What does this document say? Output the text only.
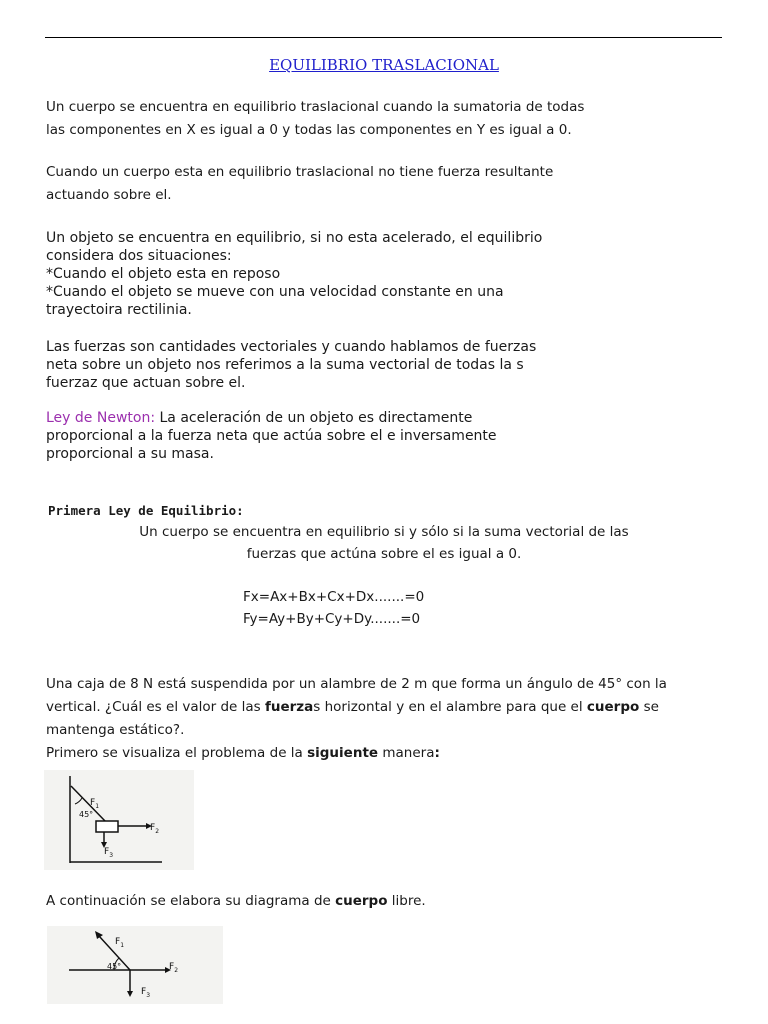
EQUILIBRIO TRASLACIONAL
Un cuerpo se encuentra en equilibrio traslacional cuando la sumatoria de todas
las componentes en X es igual a 0 y todas las componentes en Y es igual a 0.
Cuando un cuerpo esta en equilibrio traslacional no tiene fuerza resultante
actuando sobre el.
Un objeto se encuentra en equilibrio, si no esta acelerado, el equilibrio
considera dos situaciones:
*Cuando el objeto esta en reposo
*Cuando el objeto se mueve con una velocidad constante en una
trayectoira rectilinia.
Las fuerzas son cantidades vectoriales y cuando hablamos de fuerzas
neta sobre un objeto nos referimos a la suma vectorial de todas la s
fuerzaz que actuan sobre el.
Ley de Newton: La aceleración de un objeto es directamente
proporcional a la fuerza neta que actúa sobre el e inversamente
proporcional a su masa.
Primera Ley de Equilibrio:
Un cuerpo se encuentra en equilibrio si y sólo si la suma vectorial de las
fuerzas que actúna sobre el es igual a 0.
Fx=Ax+Bx+Cx+Dx.......=0
Fy=Ay+By+Cy+Dy.......=0
Una caja de 8 N está suspendida por un alambre de 2 m que forma un ángulo de 45° con la
vertical. ¿Cuál es el valor de las fuerzas horizontal y en el alambre para que el cuerpo se
mantenga estático?.
Primero se visualiza el problema de la siguiente manera:
45°
$F_1$
$F_2$
$F_3$
A continuación se elabora su diagrama de cuerpo libre.
45°
$F_1$
$F_2$
$F_3$
